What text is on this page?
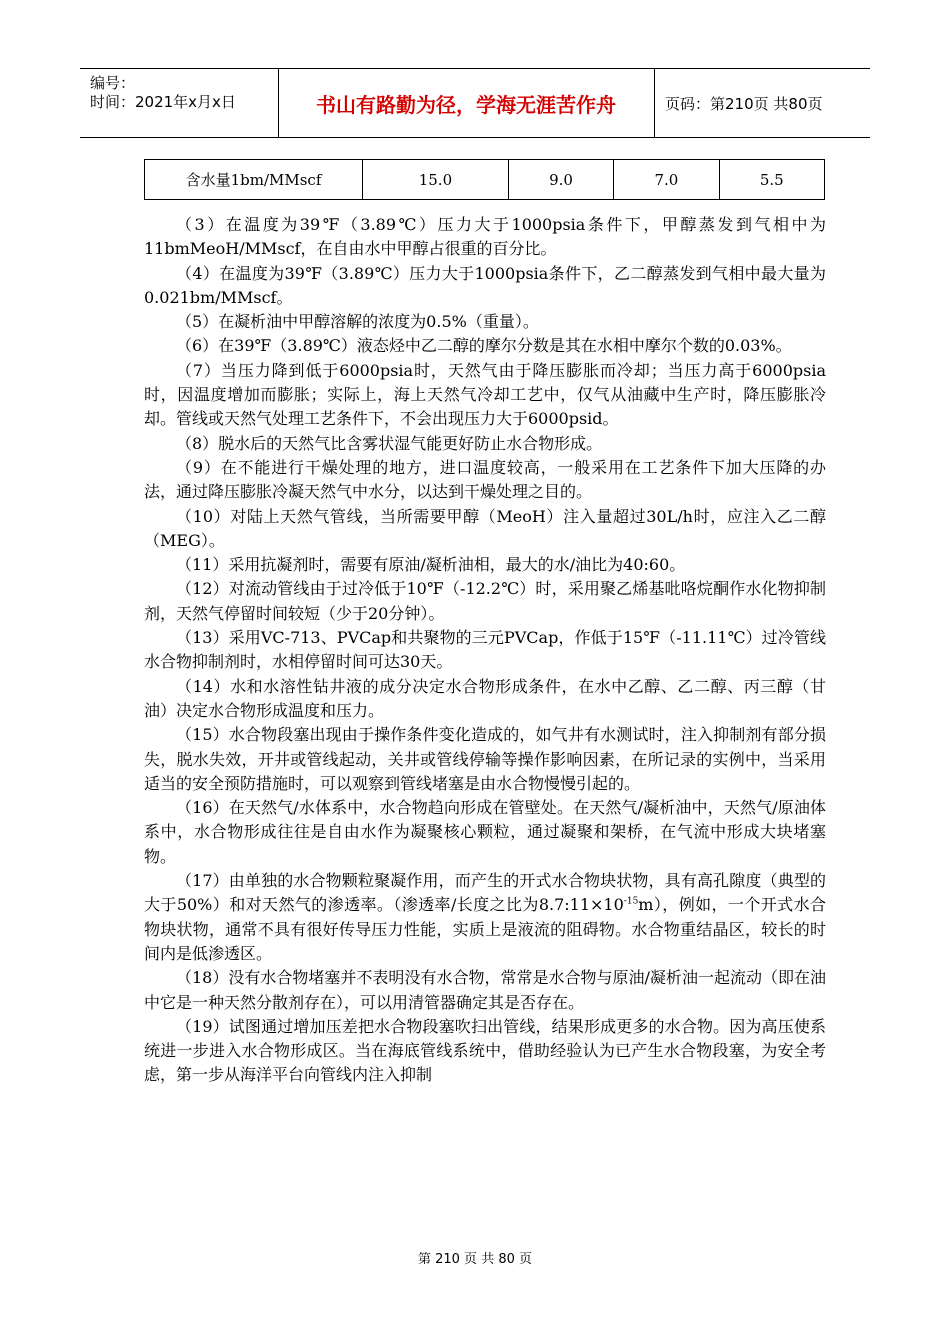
编号：
时间：2021年x月x日	书山有路勤为径，学海无涯苦作舟	页码：第210页 共80页
含水量1bm/MMscf	15.0	9.0	7.0	5.5

（3）在温度为39℉（3.89℃）压力大于1000psia条件下，甲醇蒸发到气相中为11bmMeoH/MMscf，在自由水中甲醇占很重的百分比。

（4）在温度为39℉（3.89℃）压力大于1000psia条件下，乙二醇蒸发到气相中最大量为0.021bm/MMscf。

（5）在凝析油中甲醇溶解的浓度为0.5%（重量）。

（6）在39℉（3.89℃）液态烃中乙二醇的摩尔分数是其在水相中摩尔个数的0.03%。

（7）当压力降到低于6000psia时，天然气由于降压膨胀而冷却；当压力高于6000psia时，因温度增加而膨胀；实际上，海上天然气冷却工艺中，仅气从油藏中生产时，降压膨胀冷却。管线或天然气处理工艺条件下，不会出现压力大于6000psid。

（8）脱水后的天然气比含雾状湿气能更好防止水合物形成。

（9）在不能进行干燥处理的地方，进口温度较高，一般采用在工艺条件下加大压降的办法，通过降压膨胀冷凝天然气中水分，以达到干燥处理之目的。

（10）对陆上天然气管线，当所需要甲醇（MeoH）注入量超过30L/h时，应注入乙二醇（MEG）。

（11）采用抗凝剂时，需要有原油/凝析油相，最大的水/油比为40:60。

（12）对流动管线由于过冷低于10℉（-12.2℃）时，采用聚乙烯基吡咯烷酮作水化物抑制剂，天然气停留时间较短（少于20分钟）。

（13）采用VC-713、PVCap和共聚物的三元PVCap，作低于15℉（-11.11℃）过冷管线水合物抑制剂时，水相停留时间可达30天。

（14）水和水溶性钻井液的成分决定水合物形成条件，在水中乙醇、乙二醇、丙三醇（甘油）决定水合物形成温度和压力。

（15）水合物段塞出现由于操作条件变化造成的，如气井有水测试时，注入抑制剂有部分损失，脱水失效，开井或管线起动，关井或管线停输等操作影响因素，在所记录的实例中，当采用适当的安全预防措施时，可以观察到管线堵塞是由水合物慢慢引起的。

（16）在天然气/水体系中，水合物趋向形成在管壁处。在天然气/凝析油中，天然气/原油体系中，水合物形成往往是自由水作为凝聚核心颗粒，通过凝聚和架桥，在气流中形成大块堵塞物。

（17）由单独的水合物颗粒聚凝作用，而产生的开式水合物块状物，具有高孔隙度（典型的大于50%）和对天然气的渗透率。（渗透率/长度之比为$8.7:11\times 10^{-15}m$），例如，一个开式水合物块状物，通常不具有很好传导压力性能，实质上是液流的阻碍物。水合物重结晶区，较长的时间内是低渗透区。

（18）没有水合物堵塞并不表明没有水合物，常常是水合物与原油/凝析油一起流动（即在油中它是一种天然分散剂存在），可以用清管器确定其是否存在。

（19）试图通过增加压差把水合物段塞吹扫出管线，结果形成更多的水合物。因为高压使系统进一步进入水合物形成区。当在海底管线系统中，借助经验认为已产生水合物段塞，为安全考虑，第一步从海洋平台向管线内注入抑制

第 210 页 共 80 页
